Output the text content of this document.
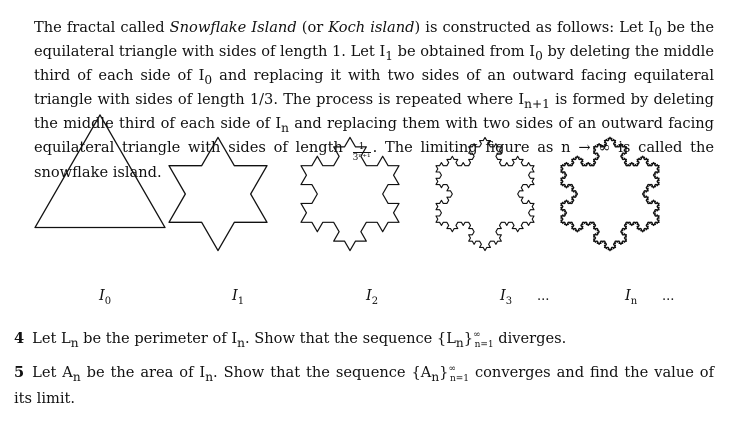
The fractal called Snowflake Island (or Koch island) is constructed as follows: Let $I_0$ be the equilateral triangle with sides of length 1. Let $I_1$ be obtained from $I_0$ by deleting the middle third of each side of $I_0$ and replacing it with two sides of an outward facing equilateral triangle with sides of length 1/3. The process is repeated where $I_{n+1}$ is formed by deleting the middle third of each side of $I_n$ and replacing them with two sides of an outward facing equilateral triangle with sides of length $\frac{1}{\text{3ⁿ⁺¹}}$ . The limiting figure as n → ∞ is called the snowflake island.
$I_0$	$I_1$	$I_2$	$I_3$ ...	$I_n$ ...
4 Let $L_n$ be the perimeter of $I_n$. Show that the sequence $\{L_n\}^\infty_{n=1}$ diverges.
5 Let $A_n$ be the area of $I_n$. Show that the sequence $\{A_n\}^\infty_{n=1}$ converges and find the value of its limit.
